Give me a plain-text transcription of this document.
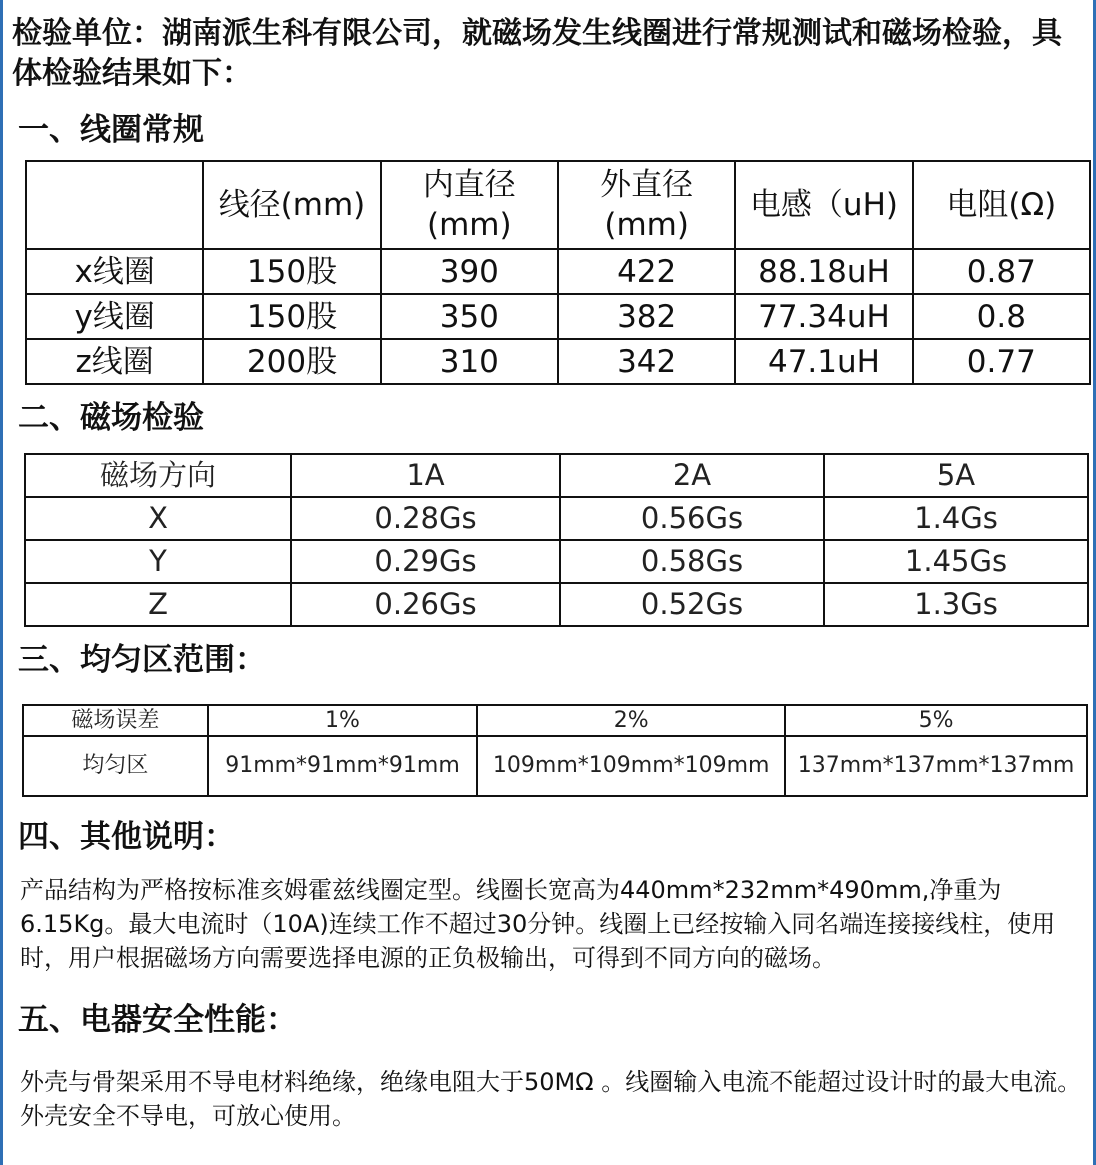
检验单位：湖南派生科有限公司，就磁场发生线圈进行常规测试和磁场检验，具体检验结果如下：
一、线圈常规
	线径(mm)	内直径(mm)	外直径(mm)	电感（uH)	电阻(Ω)
x线圈	150股	390	422	88.18uH	0.87
y线圈	150股	350	382	77.34uH	0.8
z线圈	200股	310	342	47.1uH	0.77
二、磁场检验
磁场方向	1A	2A	5A
X	0.28Gs	0.56Gs	1.4Gs
Y	0.29Gs	0.58Gs	1.45Gs
Z	0.26Gs	0.52Gs	1.3Gs
三、均匀区范围：
磁场误差	1%	2%	5%
均匀区	91mm*91mm*91mm	109mm*109mm*109mm	137mm*137mm*137mm
四、其他说明：
产品结构为严格按标准亥姆霍兹线圈定型。线圈长宽高为440mm*232mm*490mm,净重为6.15Kg。最大电流时（10A)连续工作不超过30分钟。线圈上已经按输入同名端连接接线柱，使用时，用户根据磁场方向需要选择电源的正负极输出，可得到不同方向的磁场。
五、电器安全性能：
外壳与骨架采用不导电材料绝缘，绝缘电阻大于50MΩ 。线圈输入电流不能超过设计时的最大电流。外壳安全不导电，可放心使用。
